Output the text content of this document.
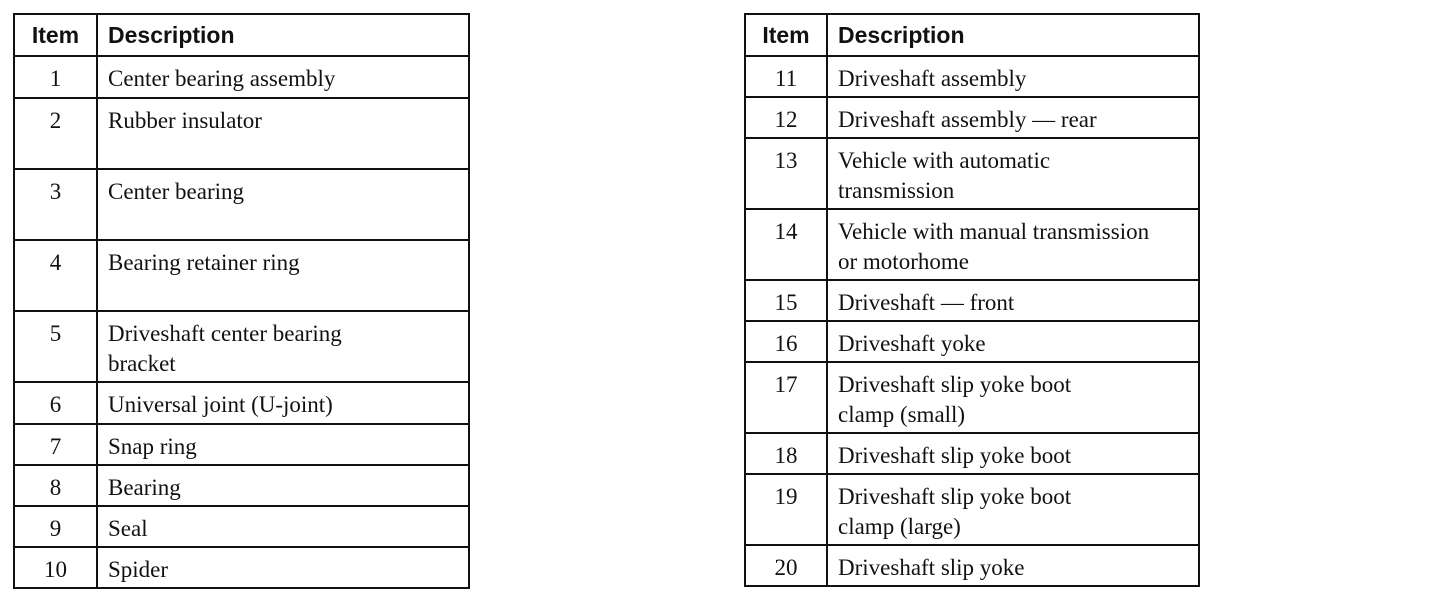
Item	Description
1	Center bearing assembly
2	Rubber insulator
3	Center bearing
4	Bearing retainer ring
5	Driveshaft center bearing bracket
6	Universal joint (U-joint)
7	Snap ring
8	Bearing
9	Seal
10	Spider
Item	Description
11	Driveshaft assembly
12	Driveshaft assembly — rear
13	Vehicle with automatic transmission
14	Vehicle with manual transmission or motorhome
15	Driveshaft — front
16	Driveshaft yoke
17	Driveshaft slip yoke boot clamp (small)
18	Driveshaft slip yoke boot
19	Driveshaft slip yoke boot clamp (large)
20	Driveshaft slip yoke
